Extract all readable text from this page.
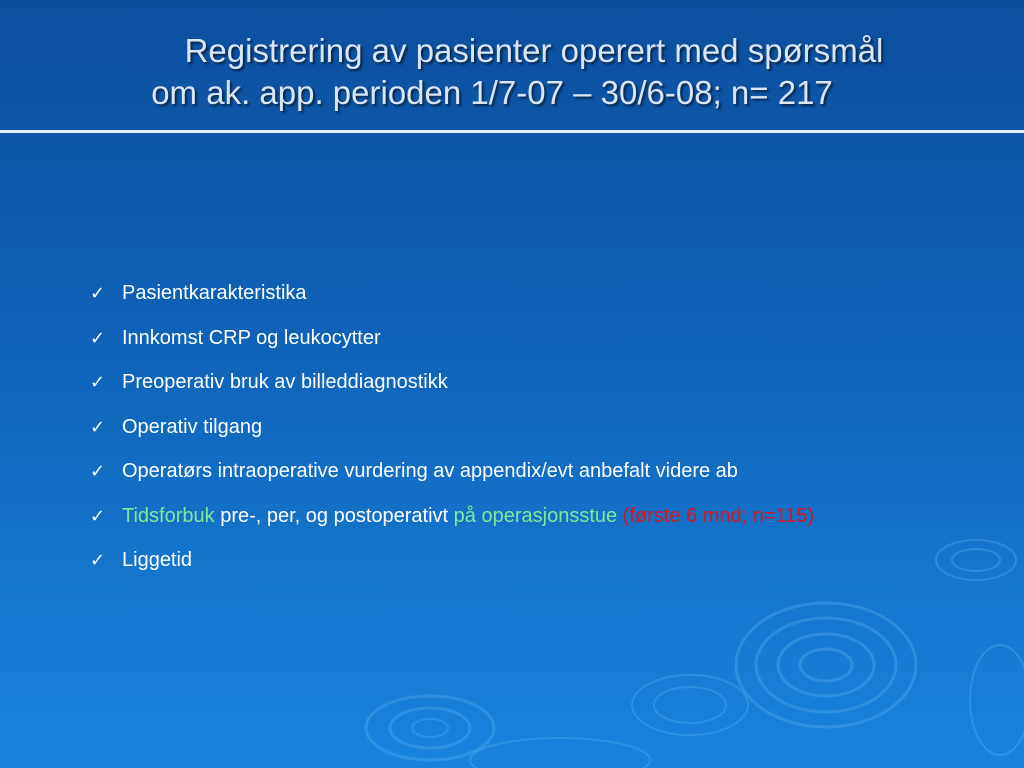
Registrering av pasienter operert med spørsmål
om ak. app. perioden 1/7-07 – 30/6-08; n= 217
✓ Pasientkarakteristika
✓ Innkomst CRP og leukocytter
✓ Preoperativ bruk av billeddiagnostikk
✓ Operativ tilgang
✓ Operatørs intraoperative vurdering av appendix/evt anbefalt videre ab
✓ Tidsforbuk pre-, per, og postoperativt på operasjonsstue (første 6 mnd; n=115)
✓ Liggetid
